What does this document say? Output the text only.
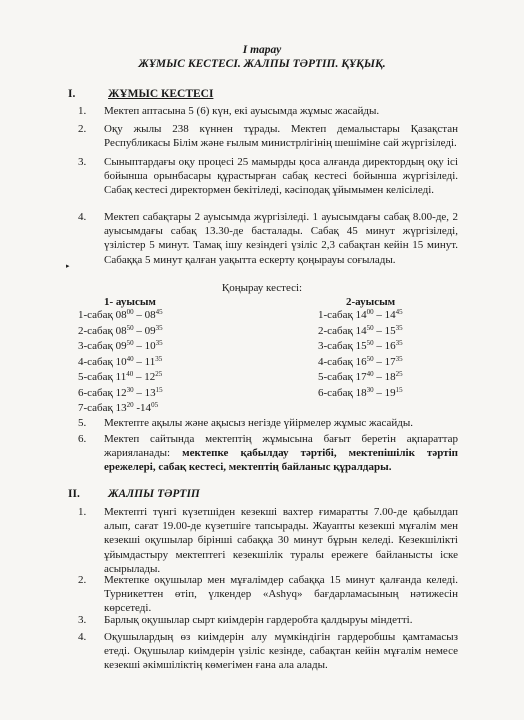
I тарау
ЖҰМЫС КЕСТЕСІ. ЖАЛПЫ ТӘРТІП. ҚҰҚЫҚ.
I.	ЖҰМЫС КЕСТЕСІ
1. Мектеп аптасына 5 (6) күн, екі ауысымда жұмыс жасайды.
2. Оқу жылы 238 күннен тұрады. Мектеп демалыстары Қазақстан Республикасы Білім және ғылым министрлігінің шешіміне сай жүргізіледі.
3. Сыныптардағы оқу процесі 25 мамырды қоса алғанда директордың оқу ісі бойынша орынбасары құрастырған сабақ кестесі бойынша жүргізіледі. Сабақ кестесі директормен бекітіледі, кәсіподақ ұйымымен келісіледі.
4. Мектеп сабақтары 2 ауысымда жүргізіледі. 1 ауысымдағы сабақ 8.00-де, 2 ауысымдағы сабақ 13.30-де басталады. Сабақ 45 минут жүргізіледі, үзілістер 5 минут. Тамақ ішу кезіндегі үзіліс 2,3 сабақтан кейін 15 минут. Сабаққа 5 минут қалған уақытта ескерту қоңырауы соғылады.
▸
Қоңырау кестесі:
1- ауысым	2-ауысым
1-сабақ $08^{00} - 08^{45}$
2-сабақ $08^{50} - 09^{35}$
3-сабақ $09^{50} - 10^{35}$
4-сабақ $10^{40} - 11^{35}$
5-сабақ $11^{40} - 12^{25}$
6-сабақ $12^{30} - 13^{15}$
7-сабақ $13^{20}$ $-14^{05}$
1-сабақ $14^{00} - 14^{45}$
2-сабақ $14^{50} - 15^{35}$
3-сабақ $15^{50} - 16^{35}$
4-сабақ $16^{50} - 17^{35}$
5-сабақ $17^{40} - 18^{25}$
6-сабақ $18^{30} - 19^{15}$
5. Мектепте ақылы және ақысыз негізде үйірмелер жұмыс жасайды.
6. Мектеп сайтында мектептің жұмысына бағыт беретін ақпараттар жарияланады: мектепке қабылдау тәртібі, мектепішілік тәртіп ережелері, сабақ кестесі, мектептің байланыс құралдары.
II. ЖАЛПЫ ТӘРТІП
1. Мектепті түнгі күзетшіден кезекші вахтер ғимаратты 7.00-де қабылдап алып, сағат 19.00-де күзетшіге тапсырады. Жауапты кезекші мұғалім мен кезекші оқушылар бірінші сабаққа 30 минут бұрын келеді. Кезекшілікті ұйымдастыру мектептегі кезекшілік туралы ережеге байланысты іске асырылады.
2. Мектепке оқушылар мен мұғалімдер сабаққа 15 минут қалғанда келеді. Турникеттен өтіп, үлкендер «Ashyq» бағдарламасының нәтижесін көрсетеді.
3. Барлық оқушылар сырт киімдерін гардеробта қалдыруы міндетті.
4. Оқушылардың өз киімдерін алу мүмкіндігін гардеробшы қамтамасыз етеді. Оқушылар киімдерін үзіліс кезінде, сабақтан кейін мұғалім немесе кезекші әкімшіліктің көмегімен ғана ала алады.
